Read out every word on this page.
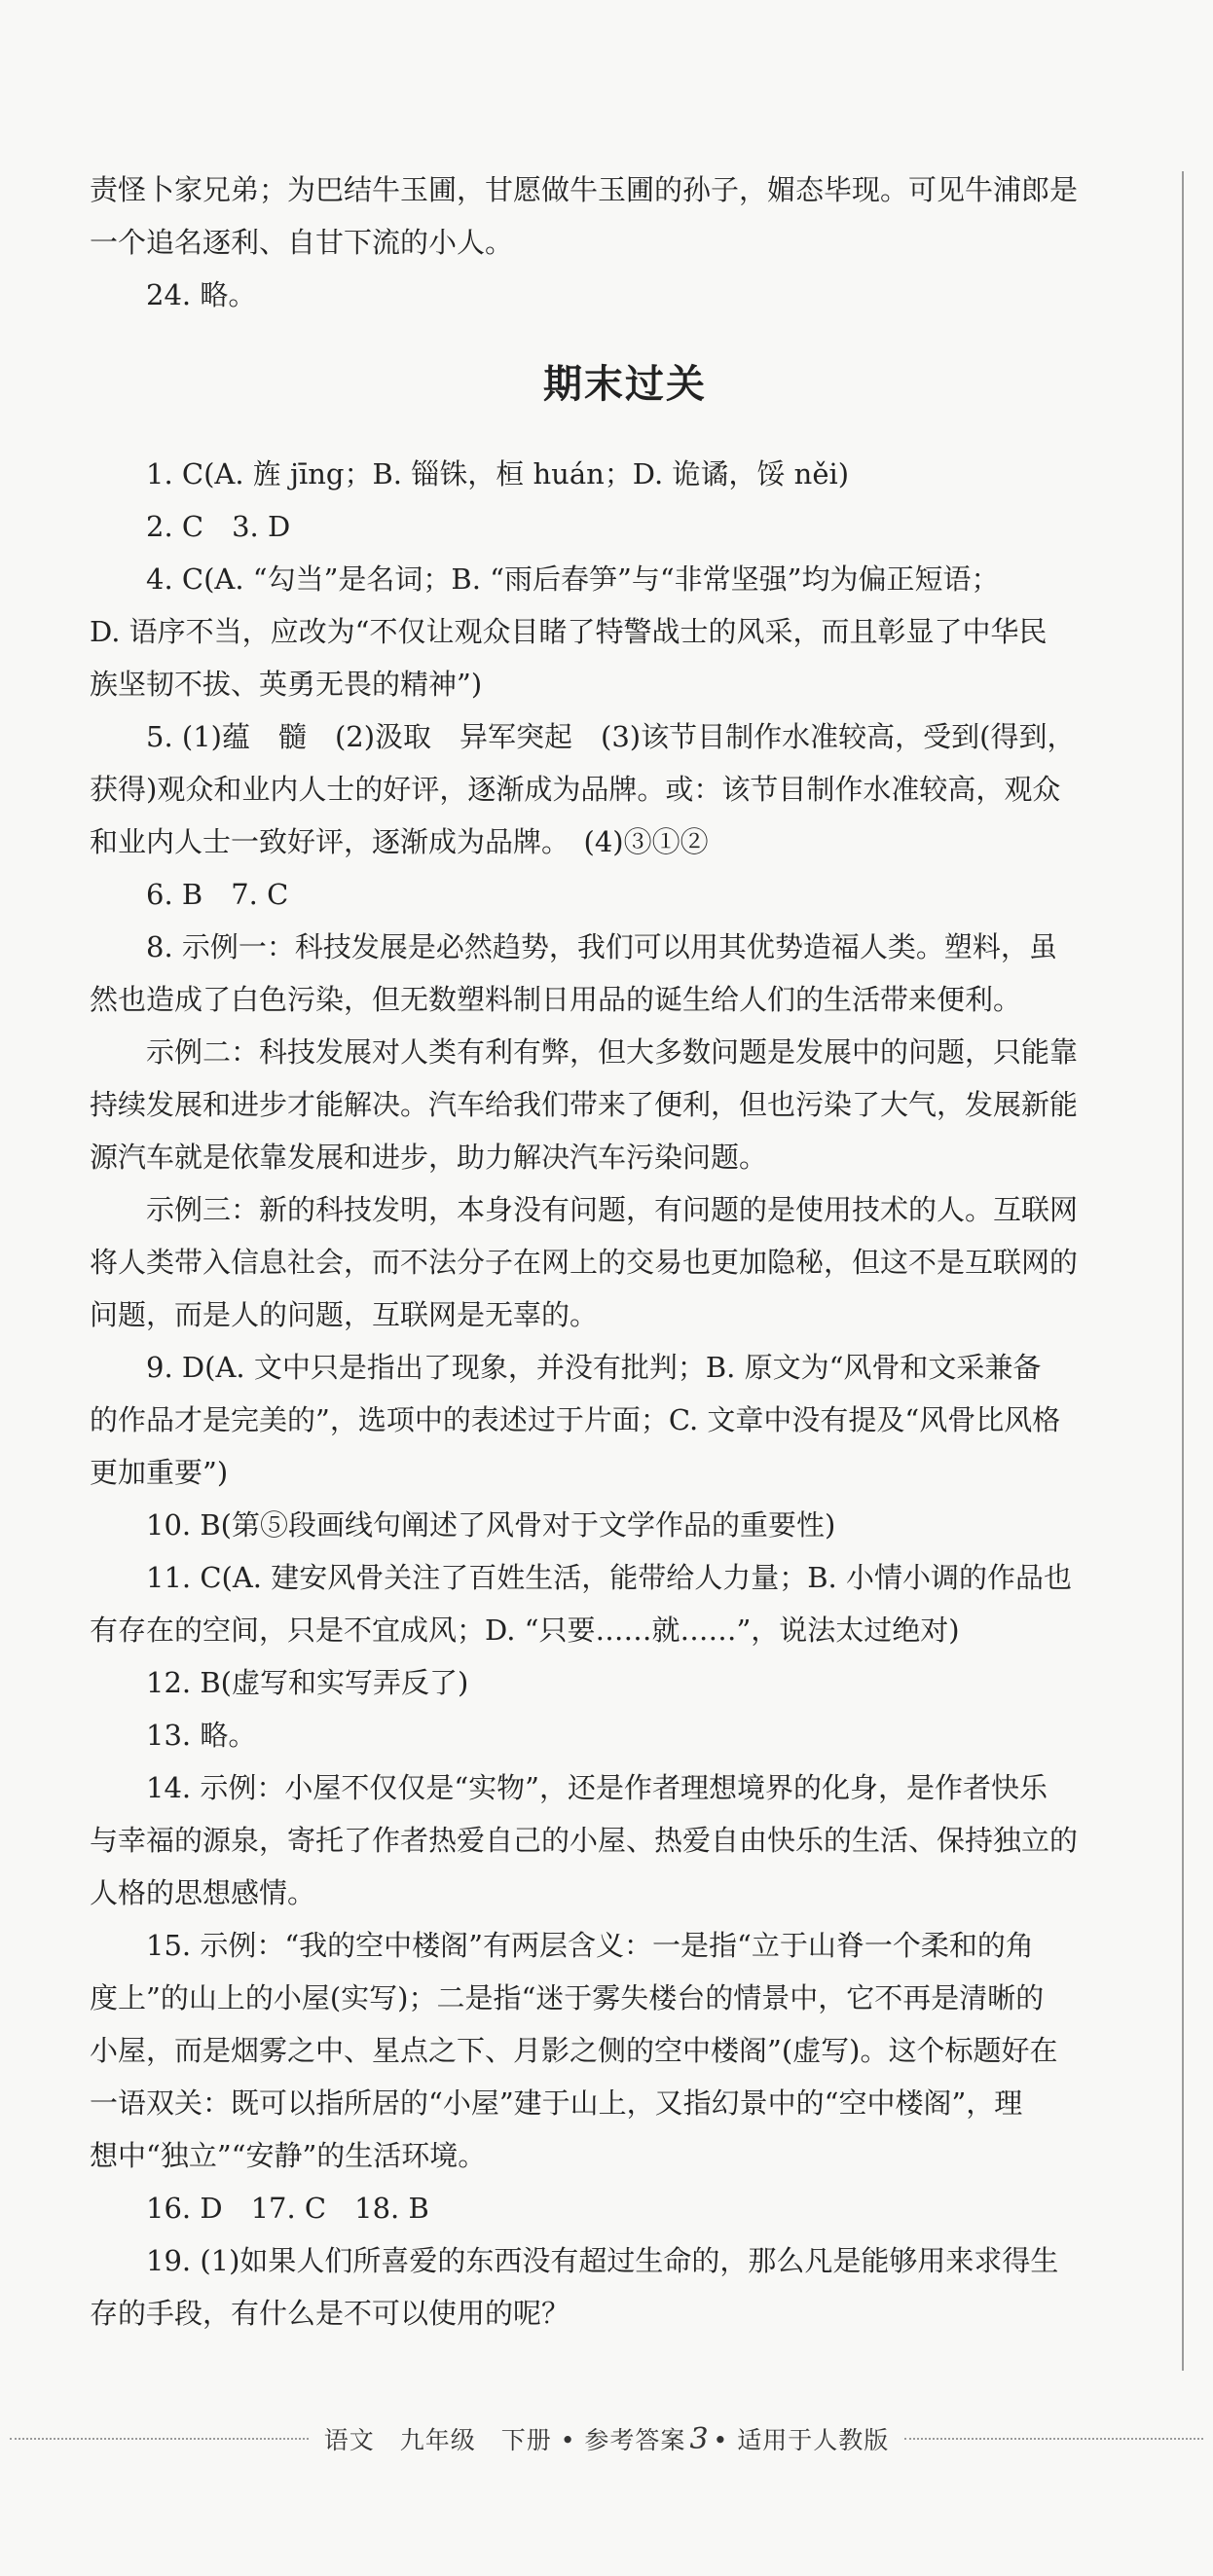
责怪卜家兄弟；为巴结牛玉圃，甘愿做牛玉圃的孙子，媚态毕现。可见牛浦郎是
一个追名逐利、自甘下流的小人。
24. 略。
期末过关
1. C(A. 旌 jīng；B. 锱铢，桓 huán；D. 诡谲，馁 něi)
2. C　3. D
4. C(A. “勾当”是名词；B. “雨后春笋”与“非常坚强”均为偏正短语；
D. 语序不当，应改为“不仅让观众目睹了特警战士的风采，而且彰显了中华民
族坚韧不拔、英勇无畏的精神”)
5. (1)蕴　髓　(2)汲取　异军突起　(3)该节目制作水准较高，受到(得到，
获得)观众和业内人士的好评，逐渐成为品牌。或：该节目制作水准较高，观众
和业内人士一致好评，逐渐成为品牌。　(4)③①②
6. B　7. C
8. 示例一：科技发展是必然趋势，我们可以用其优势造福人类。塑料，虽
然也造成了白色污染，但无数塑料制日用品的诞生给人们的生活带来便利。
示例二：科技发展对人类有利有弊，但大多数问题是发展中的问题，只能靠
持续发展和进步才能解决。汽车给我们带来了便利，但也污染了大气，发展新能
源汽车就是依靠发展和进步，助力解决汽车污染问题。
示例三：新的科技发明，本身没有问题，有问题的是使用技术的人。互联网
将人类带入信息社会，而不法分子在网上的交易也更加隐秘，但这不是互联网的
问题，而是人的问题，互联网是无辜的。
9. D(A. 文中只是指出了现象，并没有批判；B. 原文为“风骨和文采兼备
的作品才是完美的”，选项中的表述过于片面；C. 文章中没有提及“风骨比风格
更加重要”)
10. B(第⑤段画线句阐述了风骨对于文学作品的重要性)
11. C(A. 建安风骨关注了百姓生活，能带给人力量；B. 小情小调的作品也
有存在的空间，只是不宜成风；D. “只要……就……”，说法太过绝对)
12. B(虚写和实写弄反了)
13. 略。
14. 示例：小屋不仅仅是“实物”，还是作者理想境界的化身，是作者快乐
与幸福的源泉，寄托了作者热爱自己的小屋、热爱自由快乐的生活、保持独立的
人格的思想感情。
15. 示例：“我的空中楼阁”有两层含义：一是指“立于山脊一个柔和的角
度上”的山上的小屋(实写)；二是指“迷于雾失楼台的情景中，它不再是清晰的
小屋，而是烟雾之中、星点之下、月影之侧的空中楼阁”(虚写)。这个标题好在
一语双关：既可以指所居的“小屋”建于山上，又指幻景中的“空中楼阁”，理
想中“独立”“安静”的生活环境。
16. D　17. C　18. B
19. (1)如果人们所喜爱的东西没有超过生命的，那么凡是能够用来求得生
存的手段，有什么是不可以使用的呢？
语文　九年级　下册 • 参考答案 3 • 适用于人教版
